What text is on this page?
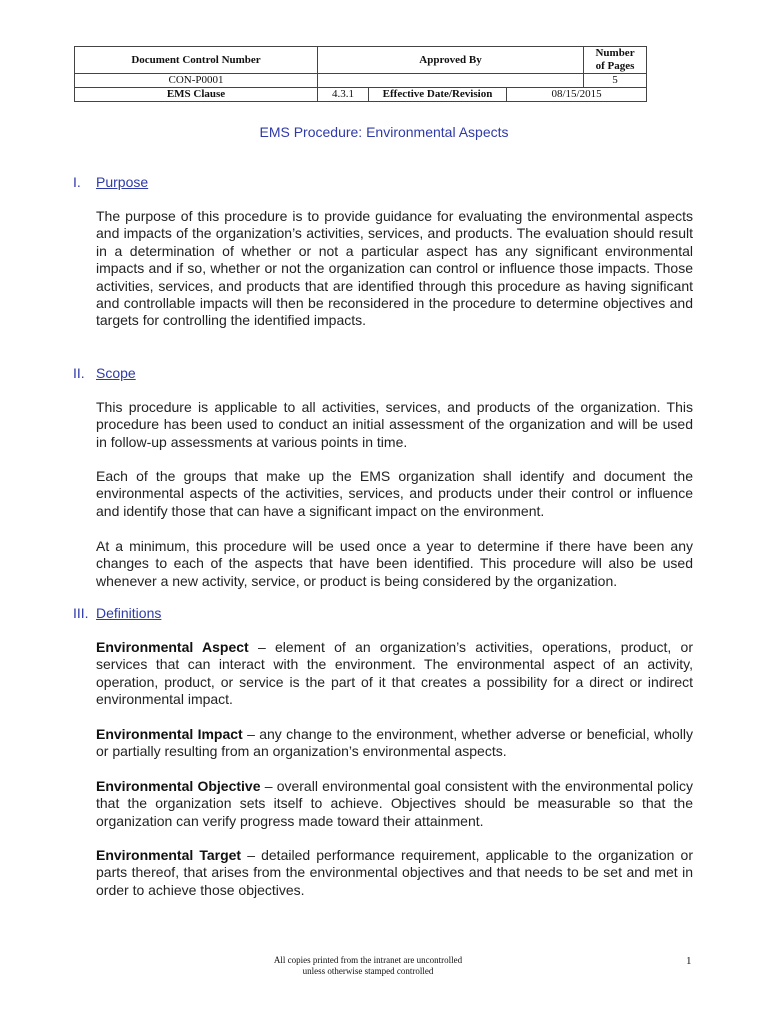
Document Control Number	Approved By			Number
of Pages
CON-P0001				5
EMS Clause	4.3.1	Effective Date/Revision	08/15/2015	
EMS Procedure: Environmental Aspects
I. Purpose

The purpose of this procedure is to provide guidance for evaluating the environmental aspects and impacts of the organization’s activities, services, and products. The evaluation should result in a determination of whether or not a particular aspect has any significant environmental impacts and if so, whether or not the organization can control or influence those impacts. Those activities, services, and products that are identified through this procedure as having significant and controllable impacts will then be reconsidered in the procedure to determine objectives and targets for controlling the identified impacts.

II. Scope

This procedure is applicable to all activities, services, and products of the organization. This procedure has been used to conduct an initial assessment of the organization and will be used in follow-up assessments at various points in time.

Each of the groups that make up the EMS organization shall identify and document the environmental aspects of the activities, services, and products under their control or influence and identify those that can have a significant impact on the environment.

At a minimum, this procedure will be used once a year to determine if there have been any changes to each of the aspects that have been identified. This procedure will also be used whenever a new activity, service, or product is being considered by the organization.

III. Definitions

Environmental Aspect – element of an organization’s activities, operations, product, or services that can interact with the environment. The environmental aspect of an activity, operation, product, or service is the part of it that creates a possibility for a direct or indirect environmental impact.

Environmental Impact – any change to the environment, whether adverse or beneficial, wholly or partially resulting from an organization’s environmental aspects.

Environmental Objective – overall environmental goal consistent with the environmental policy that the organization sets itself to achieve. Objectives should be measurable so that the organization can verify progress made toward their attainment.

Environmental Target – detailed performance requirement, applicable to the organization or parts thereof, that arises from the environmental objectives and that needs to be set and met in order to achieve those objectives.

All copies printed from the intranet are uncontrolled
unless otherwise stamped controlled
1
